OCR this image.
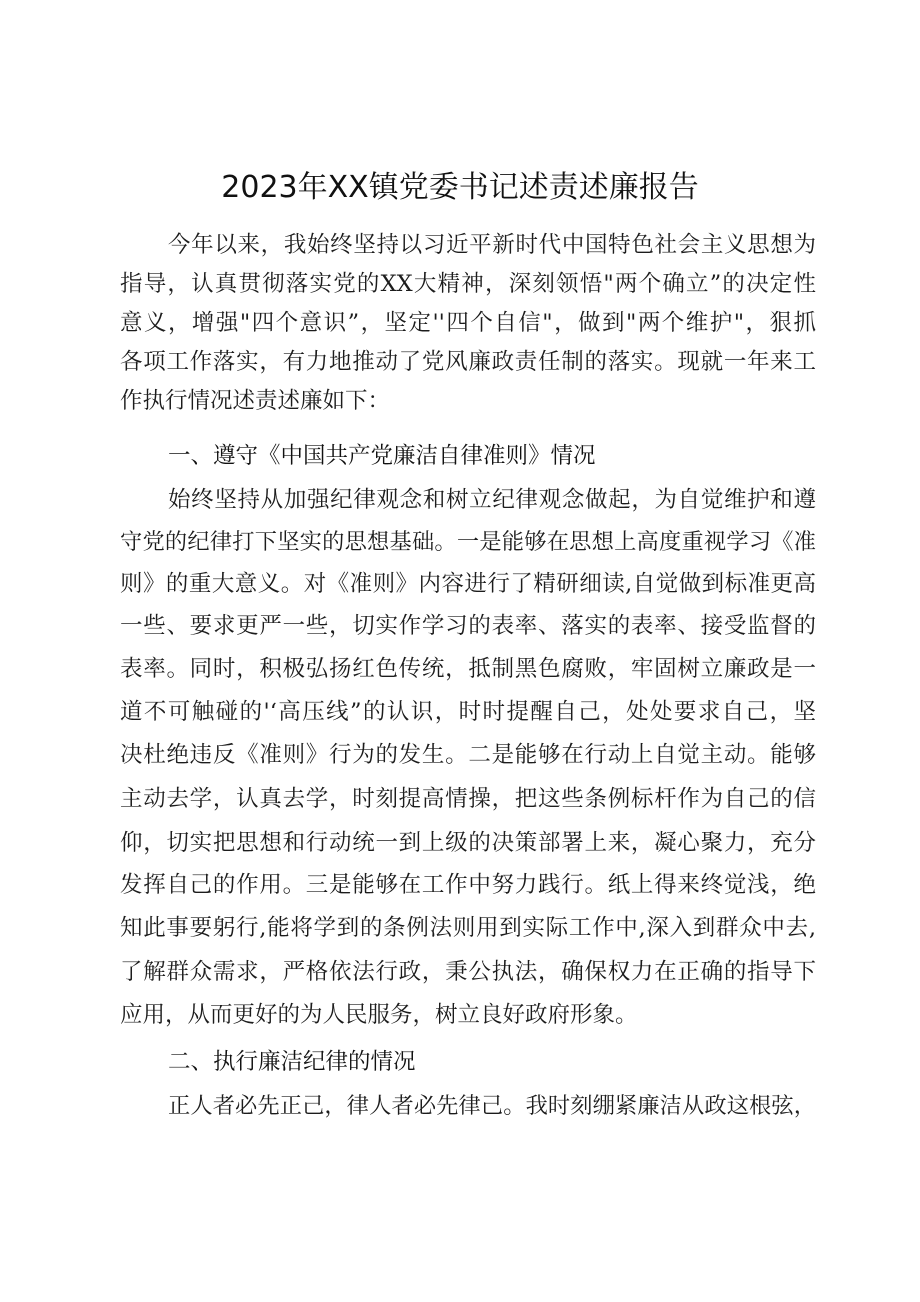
2023年XX镇党委书记述责述廉报告

今年以来，我始终坚持以习近平新时代中国特色社会主义思想为

指导，认真贯彻落实党的XX大精神，深刻领悟"两个确立”的决定性

意义，增强"四个意识”，坚定''四个自信"，做到"两个维护"，狠抓

各项工作落实，有力地推动了党风廉政责任制的落实。现就一年来工

作执行情况述责述廉如下：

一、遵守《中国共产党廉洁自律准则》情况

始终坚持从加强纪律观念和树立纪律观念做起，为自觉维护和遵

守党的纪律打下坚实的思想基础。一是能够在思想上高度重视学习《准

则》的重大意义。对《准则》内容进行了精研细读,自觉做到标准更高

一些、要求更严一些，切实作学习的表率、落实的表率、接受监督的

表率。同时，积极弘扬红色传统，抵制黑色腐败，牢固树立廉政是一

道不可触碰的'‘高压线”的认识，时时提醒自己，处处要求自己，坚

决杜绝违反《准则》行为的发生。二是能够在行动上自觉主动。能够

主动去学，认真去学，时刻提高情操，把这些条例标杆作为自己的信

仰，切实把思想和行动统一到上级的决策部署上来，凝心聚力，充分

发挥自己的作用。三是能够在工作中努力践行。纸上得来终觉浅，绝

知此事要躬行,能将学到的条例法则用到实际工作中,深入到群众中去,

了解群众需求，严格依法行政，秉公执法，确保权力在正确的指导下

应用，从而更好的为人民服务，树立良好政府形象。

二、执行廉洁纪律的情况

正人者必先正己，律人者必先律己。我时刻绷紧廉洁从政这根弦，
